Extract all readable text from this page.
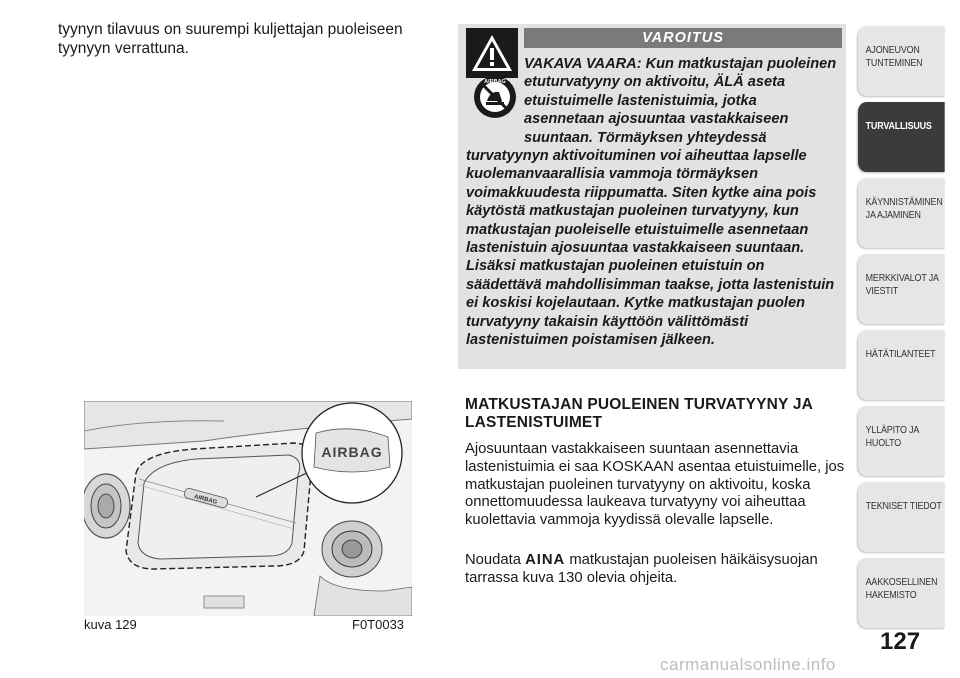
tyynyn tilavuus on suurempi kuljettajan puoleiseen tyynyyn verrattuna.
VAROITUS
AIRBAG

VAKAVA VAARA: Kun matkustajan puoleinen etuturvatyyny on aktivoitu, ÄLÄ aseta etuistuimelle lastenistuimia, jotka asennetaan ajosuuntaa vastakkaiseen suuntaan. Törmäyksen yhteydessä turvatyynyn aktivoituminen voi aiheuttaa lapselle kuolemanvaarallisia vammoja törmäyksen voimakkuudesta riippumatta. Siten kytke aina pois käytöstä matkustajan puoleinen turvatyyny, kun matkustajan puoleiselle etuistuimelle asennetaan lastenistuin ajosuuntaa vastakkaiseen suuntaan. Lisäksi matkustajan puoleinen etuistuin on säädettävä mahdollisimman taakse, jotta lastenistuin ei koskisi kojelautaan. Kytke matkustajan puolen turvatyyny takaisin käyttöön välittömästi lastenistuimen poistamisen jälkeen.

AIRBAG
AIRBAG
kuva 129	F0T0033
MATKUSTAJAN PUOLEINEN TURVATYYNY JA LASTENISTUIMET

Ajosuuntaan vastakkaiseen suuntaan asennettavia lastenistuimia ei saa KOSKAAN asentaa etuistuimelle, jos matkustajan puoleinen turvatyyny on aktivoitu, koska onnettomuudessa laukeava turvatyyny voi aiheuttaa kuolettavia vammoja kyydissä olevalle lapselle.

Noudata AINA matkustajan puoleisen häikäisysuojan tarrassa kuva 130 olevia ohjeita.

AJONEUVON TUNTEMINEN
TURVALLISUUS
KÄYNNISTÄMINEN JA AJAMINEN
MERKKIVALOT JA VIESTIT
HÄTÄTILANTEET
YLLÄPITO JA HUOLTO
TEKNISET TIEDOT
AAKKOSELLINEN HAKEMISTO
127
carmanualsonline.info
